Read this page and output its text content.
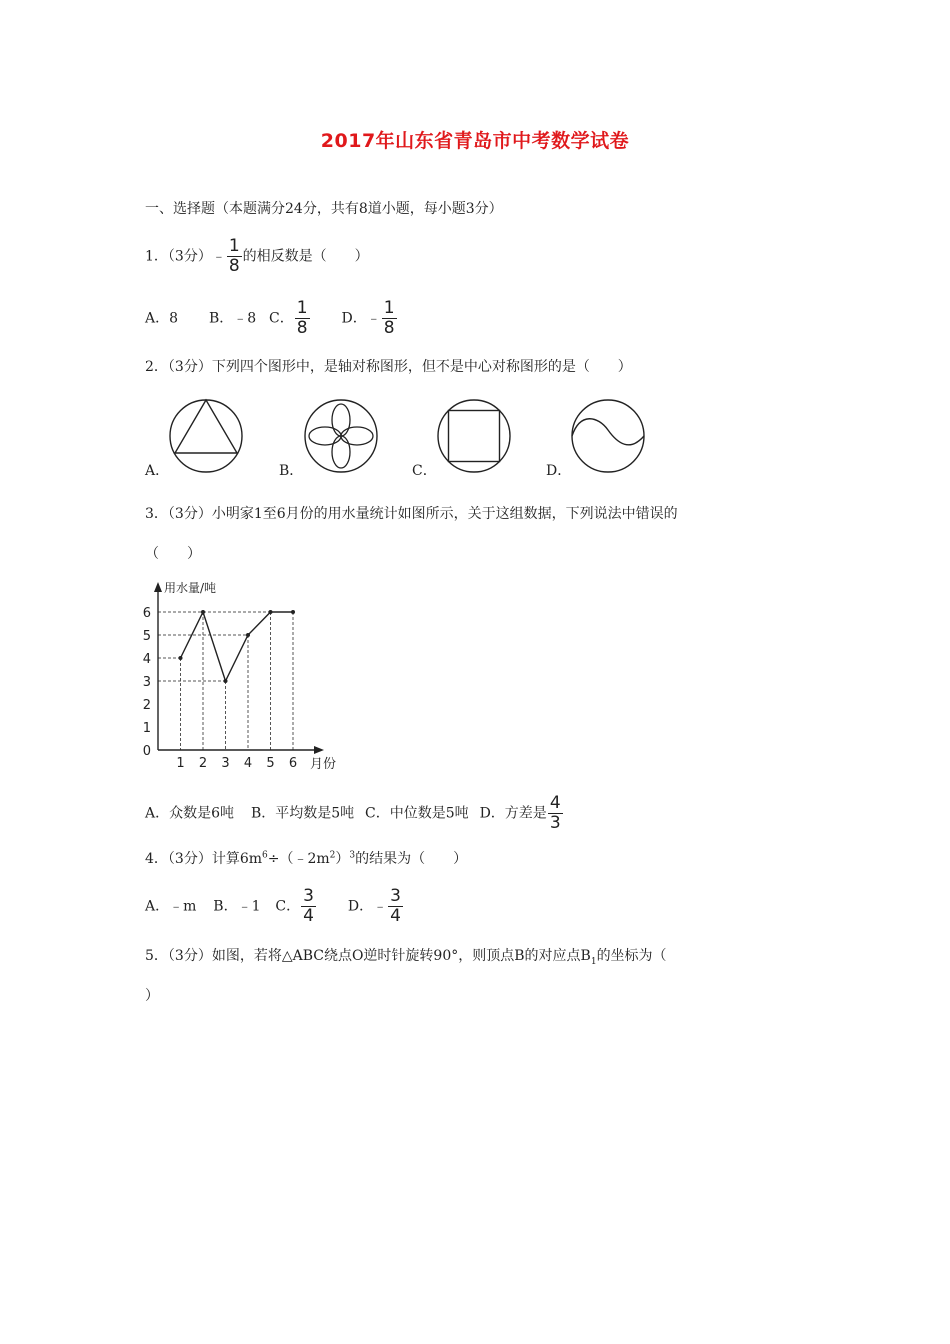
2017年山东省青岛市中考数学试卷
一、选择题（本题满分24分，共有8道小题，每小题3分）
1．（3分）﹣ $\frac{1}{8}$ 的相反数是（　　）
A．8 B．﹣8 C． $\frac{1}{8}$ D．﹣ $\frac{1}{8}$
2．（3分）下列四个图形中，是轴对称图形，但不是中心对称图形的是（　　）
A．	B．	C．	D．
3．（3分）小明家1至6月份的用水量统计如图所示，关于这组数据，下列说法中错误的
（　　）
用水量/吨
月份
0
1
2
3
4
5
6
1 2 3 4 5 6
A．众数是6吨 B．平均数是5吨 C．中位数是5吨 D．方差是 $\frac{4}{3}$
4．（3分）计算$6m^6\div(﹣2m^2)^3$的结果为（　　）
A．﹣m B．﹣1 C． $\frac{3}{4}$ D．﹣ $\frac{3}{4}$
5．（3分）如图，若将△ABC绕点O逆时针旋转90°，则顶点B的对应点$B_1$的坐标为（
）
